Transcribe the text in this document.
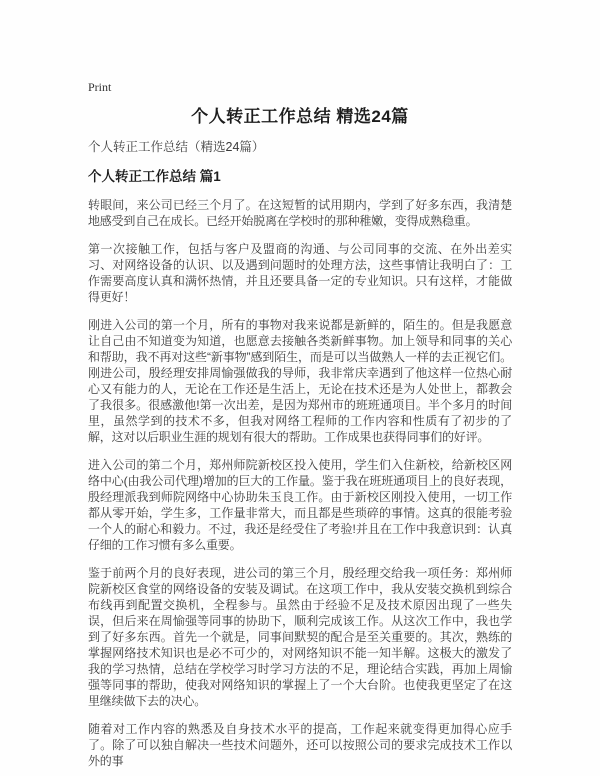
Print
个人转正工作总结 精选24篇
个人转正工作总结（精选24篇）
个人转正工作总结 篇1

转眼间，来公司已经三个月了。在这短暂的试用期内，学到了好多东西，我清楚地感受到自己在成长。已经开始脱离在学校时的那种稚嫩，变得成熟稳重。

第一次接触工作，包括与客户及盟商的沟通、与公司同事的交流、在外出差实习、对网络设备的认识、以及遇到问题时的处理方法，这些事情让我明白了：工作需要高度认真和满怀热情，并且还要具备一定的专业知识。只有这样，才能做得更好！

刚进入公司的第一个月，所有的事物对我来说都是新鲜的，陌生的。但是我愿意让自己由不知道变为知道，也愿意去接触各类新鲜事物。加上领导和同事的关心和帮助，我不再对这些“新事物”感到陌生，而是可以当做熟人一样的去正视它们。刚进公司，殷经理安排周愉强做我的导师，我非常庆幸遇到了他这样一位热心耐心又有能力的人，无论在工作还是生活上，无论在技术还是为人处世上，都教会了我很多。很感激他!第一次出差，是因为郑州市的班班通项目。半个多月的时间里，虽然学到的技术不多，但我对网络工程师的工作内容和性质有了初步的了解，这对以后职业生涯的规划有很大的帮助。工作成果也获得同事们的好评。

进入公司的第二个月，郑州师院新校区投入使用，学生们入住新校，给新校区网络中心(由我公司代理)增加的巨大的工作量。鉴于我在班班通项目上的良好表现，殷经理派我到师院网络中心协助朱玉良工作。由于新校区刚投入使用，一切工作都从零开始，学生多，工作量非常大，而且都是些琐碎的事情。这真的很能考验一个人的耐心和毅力。不过，我还是经受住了考验!并且在工作中我意识到：认真仔细的工作习惯有多么重要。

鉴于前两个月的良好表现，进公司的第三个月，殷经理交给我一项任务：郑州师院新校区食堂的网络设备的安装及调试。在这项工作中，我从安装交换机到综合布线再到配置交换机，全程参与。虽然由于经验不足及技术原因出现了一些失误，但后来在周愉强等同事的协助下，顺利完成该工作。从这次工作中，我也学到了好多东西。首先一个就是，同事间默契的配合是至关重要的。其次，熟练的掌握网络技术知识也是必不可少的，对网络知识不能一知半解。这极大的激发了我的学习热情，总结在学校学习时学习方法的不足，理论结合实践，再加上周愉强等同事的帮助，使我对网络知识的掌握上了一个大台阶。也使我更坚定了在这里继续做下去的决心。

随着对工作内容的熟悉及自身技术水平的提高，工作起来就变得更加得心应手了。除了可以独自解决一些技术问题外，还可以按照公司的要求完成技术工作以外的事
